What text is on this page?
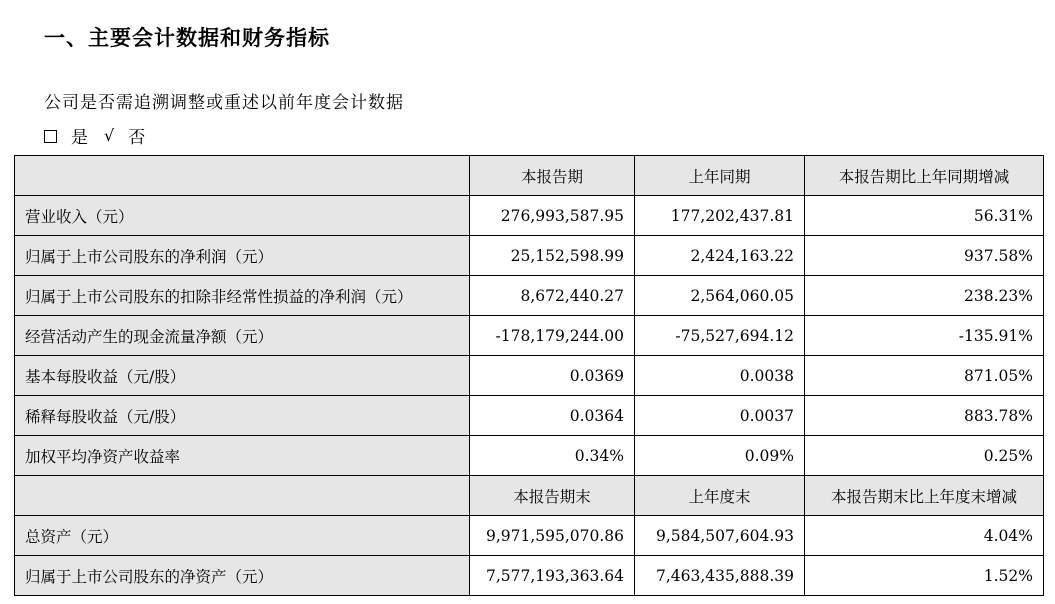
一、主要会计数据和财务指标
公司是否需追溯调整或重述以前年度会计数据
是 √ 否
	本报告期	上年同期	本报告期比上年同期增减
营业收入（元）	276,993,587.95	177,202,437.81	56.31%
归属于上市公司股东的净利润（元）	25,152,598.99	2,424,163.22	937.58%
归属于上市公司股东的扣除非经常性损益的净利润（元）	8,672,440.27	2,564,060.05	238.23%
经营活动产生的现金流量净额（元）	-178,179,244.00	-75,527,694.12	-135.91%
基本每股收益（元/股）	0.0369	0.0038	871.05%
稀释每股收益（元/股）	0.0364	0.0037	883.78%
加权平均净资产收益率	0.34%	0.09%	0.25%
	本报告期末	上年度末	本报告期末比上年度末增减
总资产（元）	9,971,595,070.86	9,584,507,604.93	4.04%
归属于上市公司股东的净资产（元）	7,577,193,363.64	7,463,435,888.39	1.52%
